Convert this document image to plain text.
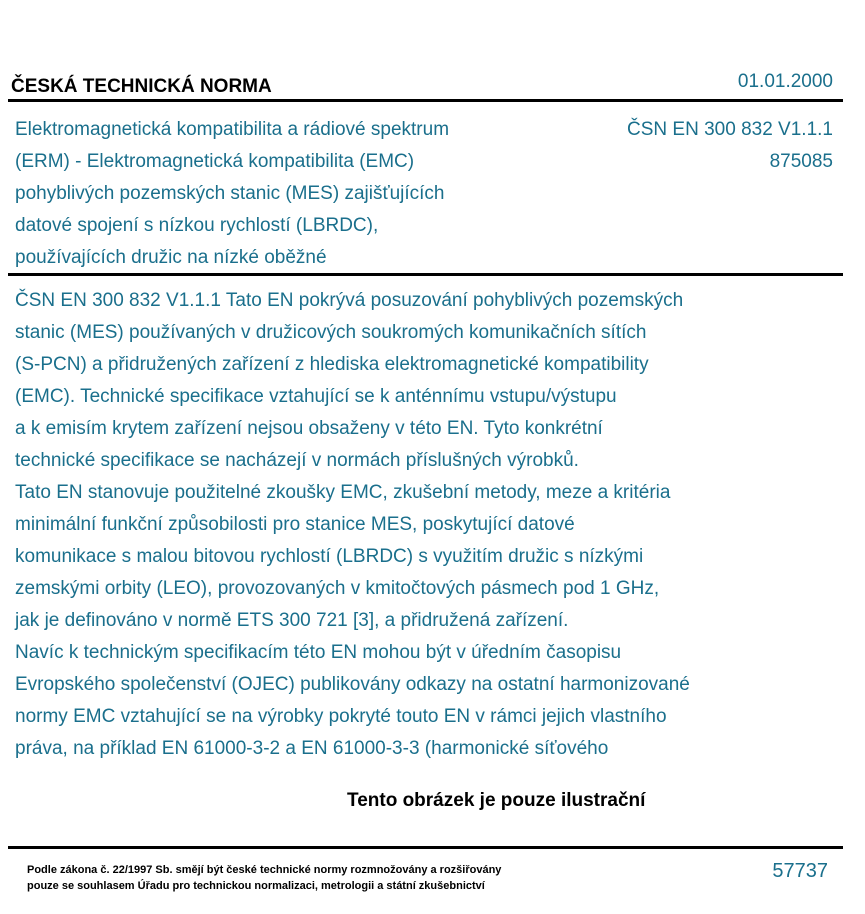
ČESKÁ TECHNICKÁ NORMA	01.01.2000
Elektromagnetická kompatibilita a rádiové spektrum
(ERM) - Elektromagnetická kompatibilita (EMC)
pohyblivých pozemských stanic (MES) zajišťujících
datové spojení s nízkou rychlostí (LBRDC),
používajících družic na nízké oběžné
ČSN EN 300 832 V1.1.1
875085

ČSN EN 300 832 V1.1.1 Tato EN pokrývá posuzování pohyblivých pozemských
stanic (MES) používaných v družicových soukromých komunikačních sítích
(S-PCN) a přidružených zařízení z hlediska elektromagnetické kompatibility
(EMC). Technické specifikace vztahující se k anténnímu vstupu/výstupu
a k emisím krytem zařízení nejsou obsaženy v této EN. Tyto konkrétní
technické specifikace se nacházejí v normách příslušných výrobků.

Tato EN stanovuje použitelné zkoušky EMC, zkušební metody, meze a kritéria
minimální funkční způsobilosti pro stanice MES, poskytující datové
komunikace s malou bitovou rychlostí (LBRDC) s využitím družic s nízkými
zemskými orbity (LEO), provozovaných v kmitočtových pásmech pod 1 GHz,
jak je definováno v normě ETS 300 721 [3], a přidružená zařízení.

Navíc k technickým specifikacím této EN mohou být v úředním časopisu
Evropského společenství (OJEC) publikovány odkazy na ostatní harmonizované
normy EMC vztahující se na výrobky pokryté touto EN v rámci jejich vlastního
práva, na příklad EN 61000-3-2 a EN 61000-3-3 (harmonické síťového

Tento obrázek je pouze ilustrační
Podle zákona č. 22/1997 Sb. smějí být české technické normy rozmnožovány a rozšiřovány
pouze se souhlasem Úřadu pro technickou normalizaci, metrologii a státní zkušebnictví
57737
